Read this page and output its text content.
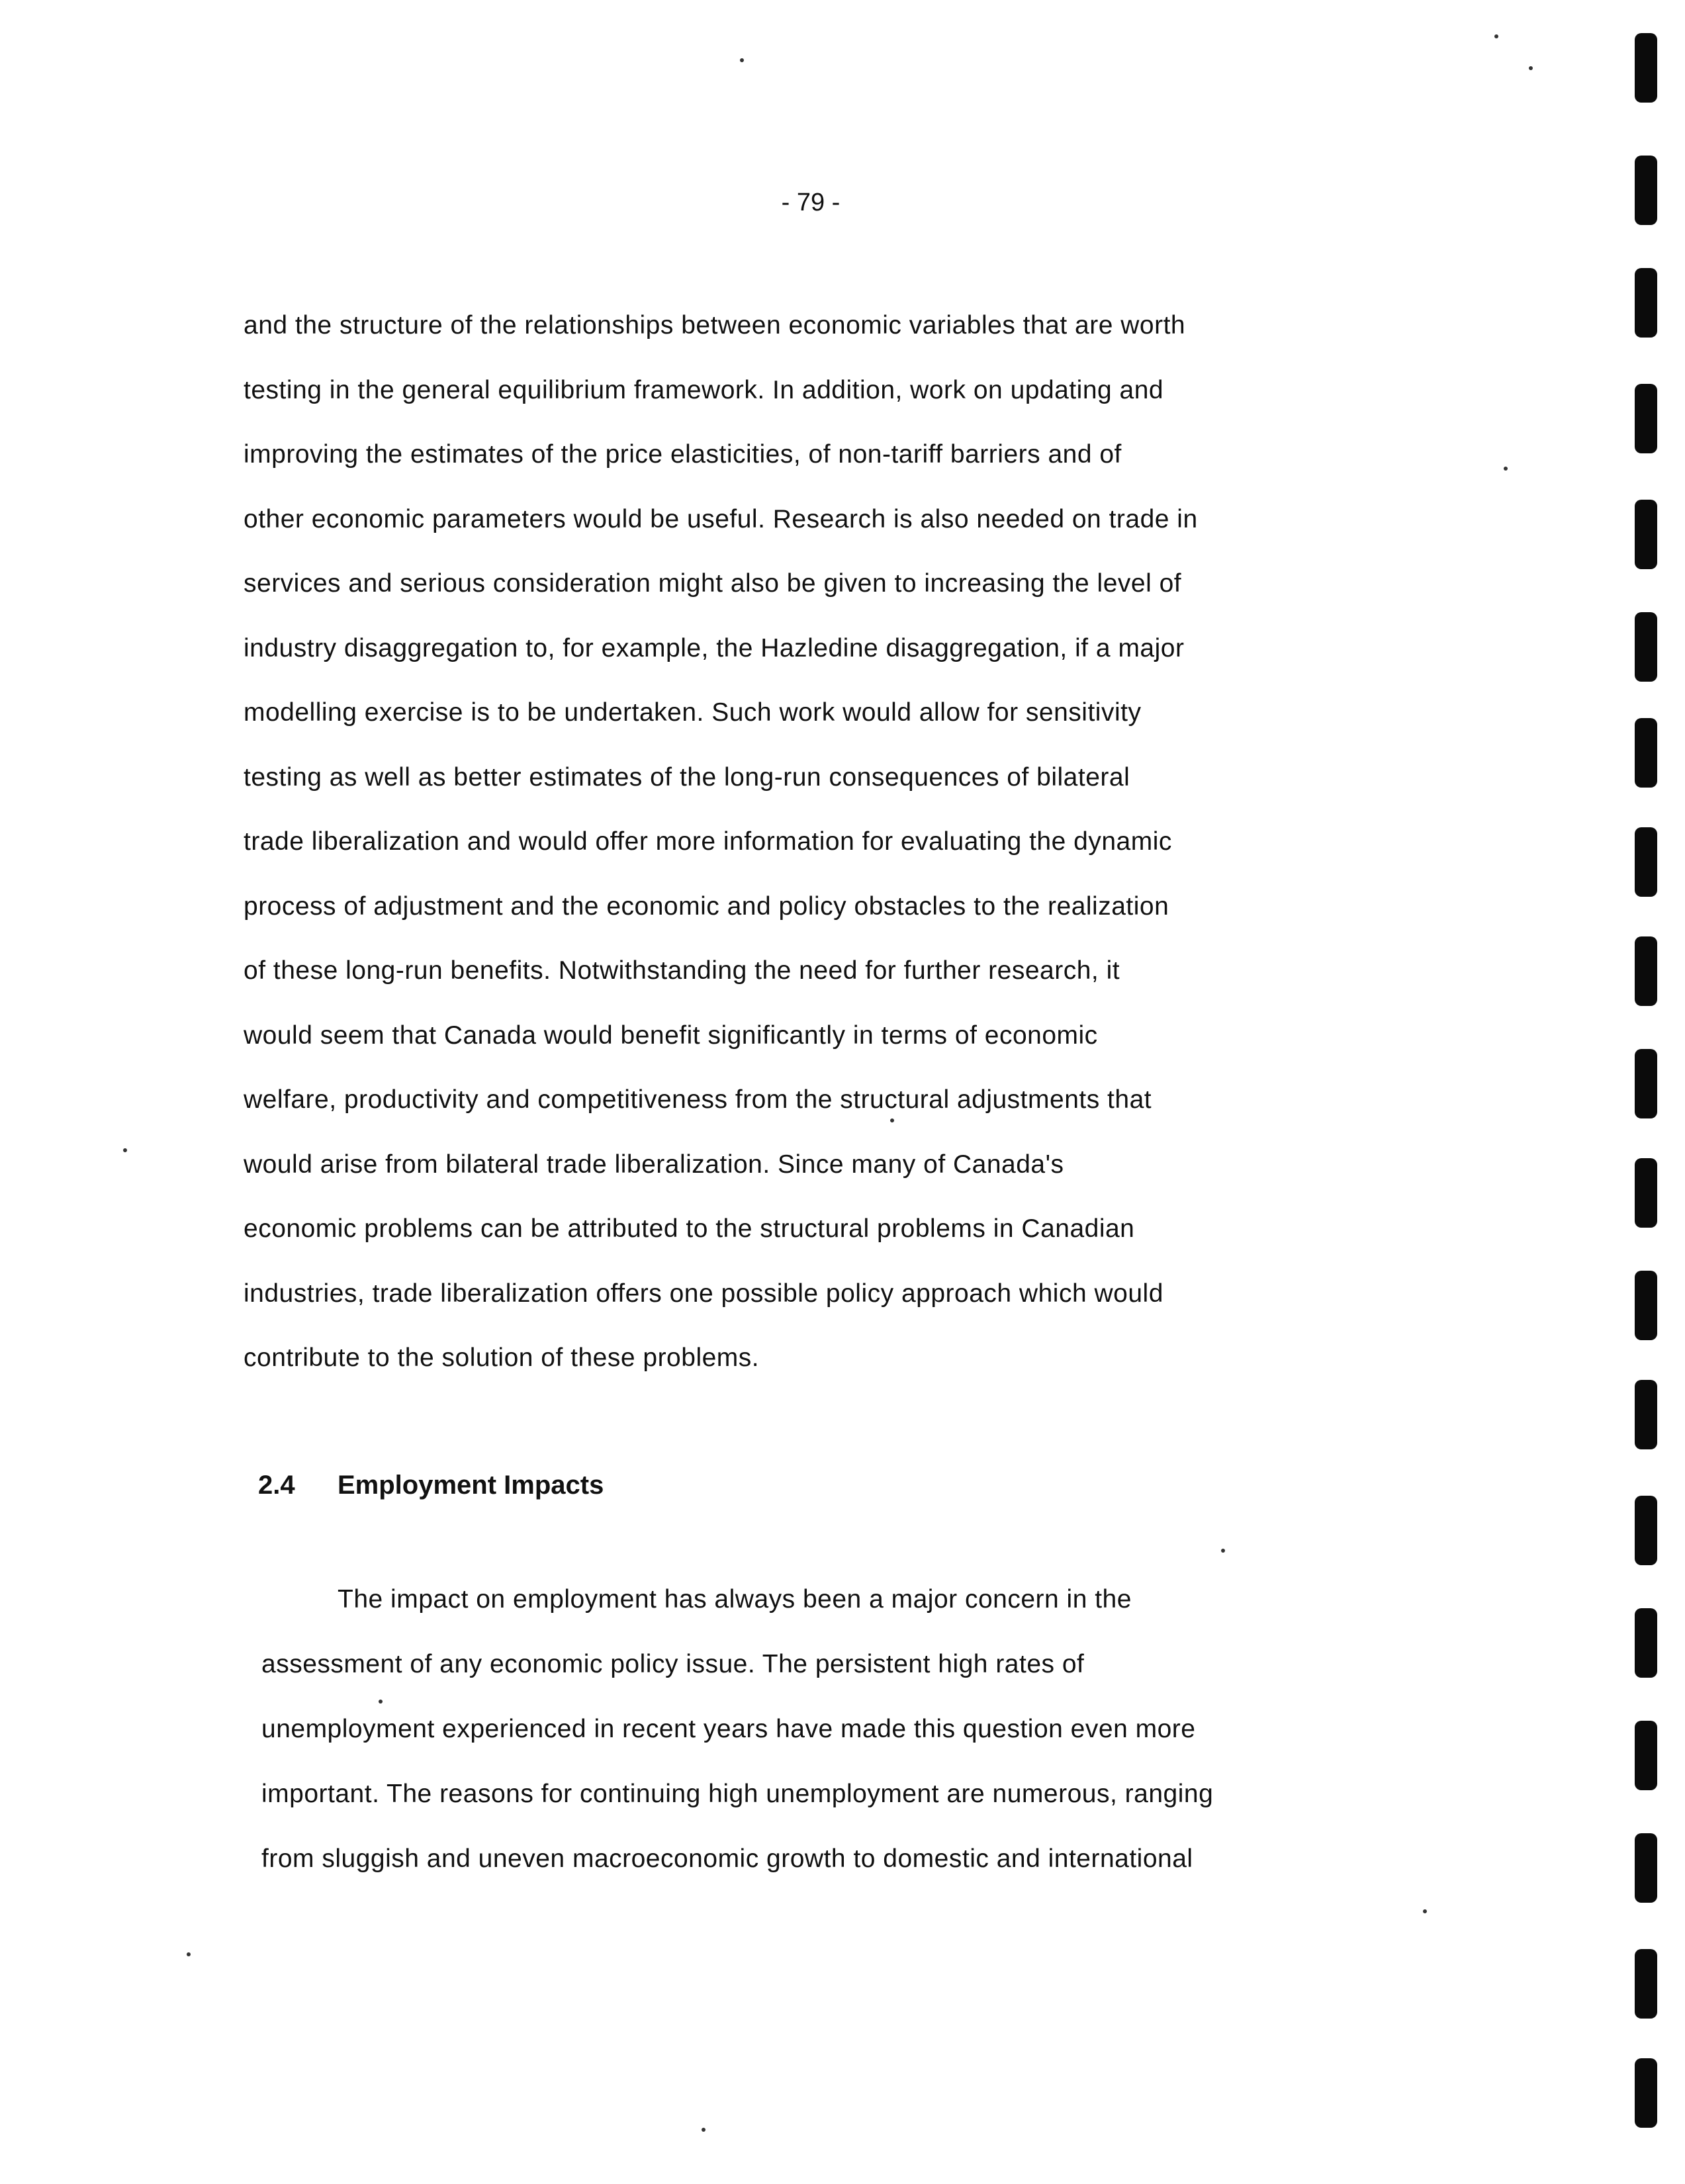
- 79 -
and the structure of the relationships between economic variables that are worth
testing in the general equilibrium framework. In addition, work on updating and
improving the estimates of the price elasticities, of non-tariff barriers and of
other economic parameters would be useful. Research is also needed on trade in
services and serious consideration might also be given to increasing the level of
industry disaggregation to, for example, the Hazledine disaggregation, if a major
modelling exercise is to be undertaken. Such work would allow for sensitivity
testing as well as better estimates of the long-run consequences of bilateral
trade liberalization and would offer more information for evaluating the dynamic
process of adjustment and the economic and policy obstacles to the realization
of these long-run benefits. Notwithstanding the need for further research, it
would seem that Canada would benefit significantly in terms of economic
welfare, productivity and competitiveness from the structural adjustments that
would arise from bilateral trade liberalization. Since many of Canada's
economic problems can be attributed to the structural problems in Canadian
industries, trade liberalization offers one possible policy approach which would
contribute to the solution of these problems.
2.4 Employment Impacts
The impact on employment has always been a major concern in the
assessment of any economic policy issue. The persistent high rates of
unemployment experienced in recent years have made this question even more
important. The reasons for continuing high unemployment are numerous, ranging
from sluggish and uneven macroeconomic growth to domestic and international
